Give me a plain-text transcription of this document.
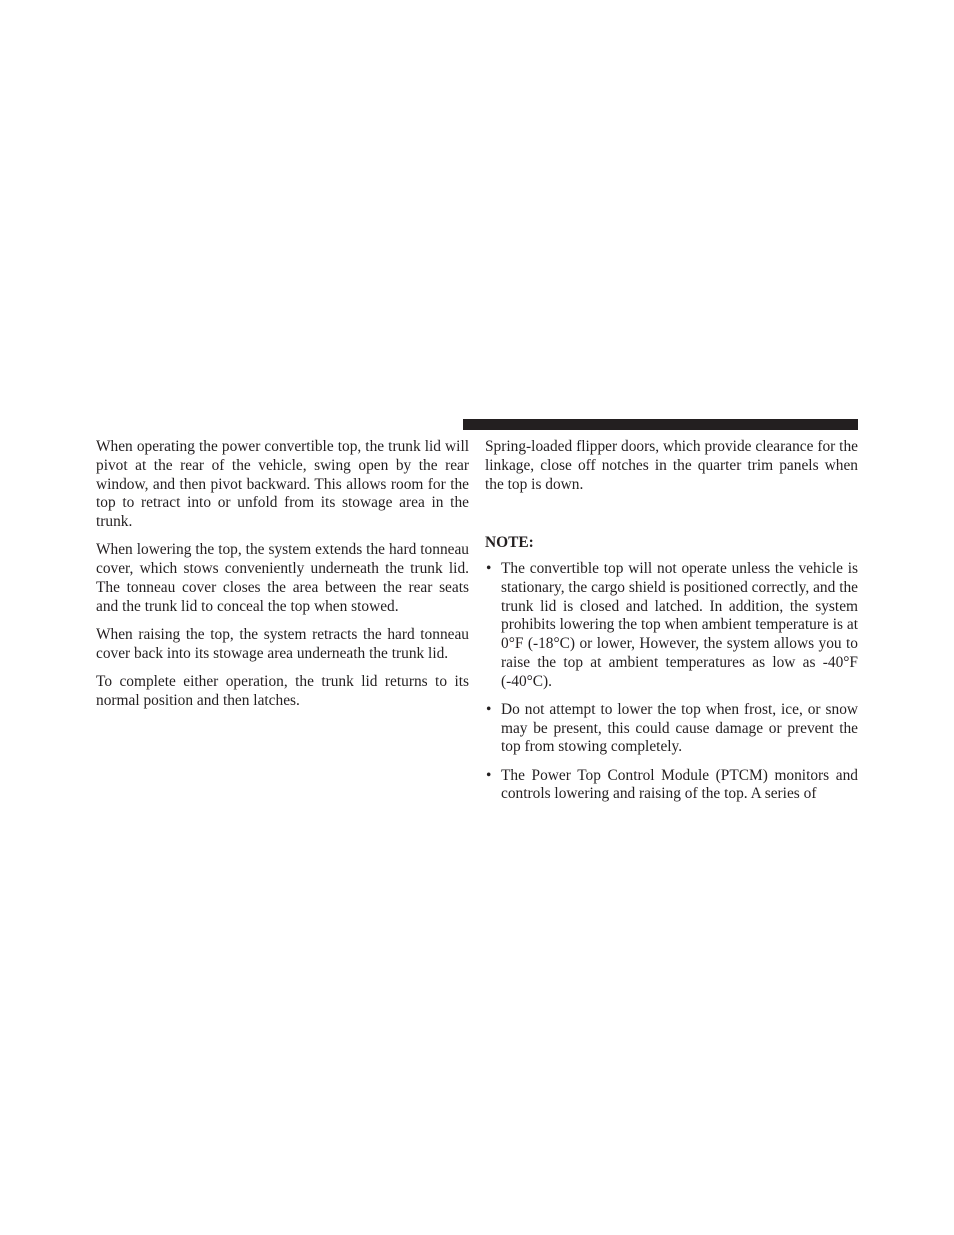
When operating the power convertible top, the trunk lid will pivot at the rear of the vehicle, swing open by the rear window, and then pivot backward. This allows room for the top to retract into or unfold from its stowage area in the trunk.

When lowering the top, the system extends the hard tonneau cover, which stows conveniently underneath the trunk lid. The tonneau cover closes the area between the rear seats and the trunk lid to conceal the top when stowed.

When raising the top, the system retracts the hard tonneau cover back into its stowage area underneath the trunk lid.

To complete either operation, the trunk lid returns to its normal position and then latches.

Spring-loaded flipper doors, which provide clearance for the linkage, close off notches in the quarter trim panels when the top is down.

NOTE:
• The convertible top will not operate unless the vehicle is stationary, the cargo shield is positioned correctly, and the trunk lid is closed and latched. In addition, the system prohibits lowering the top when ambient temperature is at 0°F (-18°C) or lower, However, the system allows you to raise the top at ambient temperatures as low as -40°F (-40°C).
• Do not attempt to lower the top when frost, ice, or snow may be present, this could cause damage or prevent the top from stowing completely.
• The Power Top Control Module (PTCM) monitors and controls lowering and raising of the top. A series of
